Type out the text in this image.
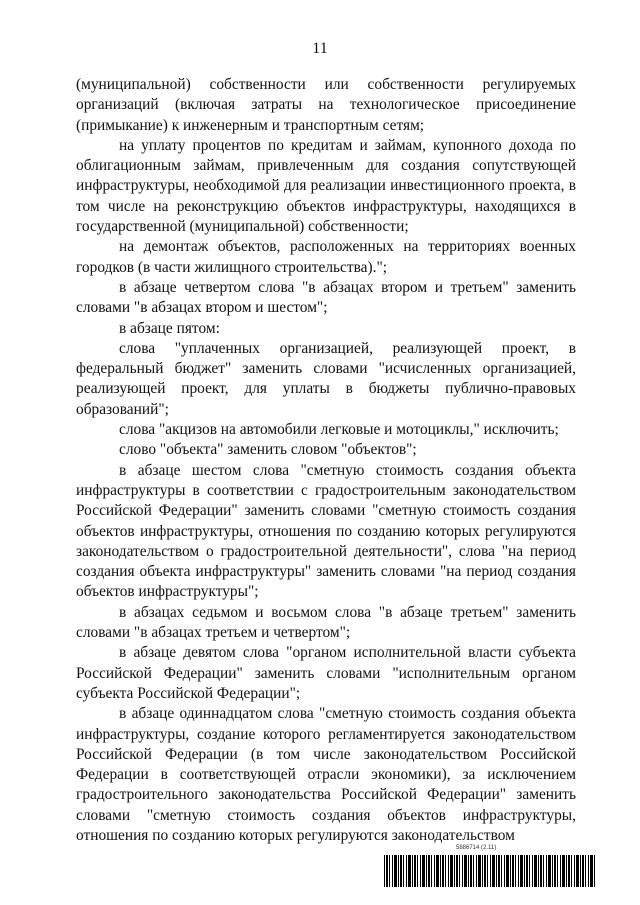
11

(муниципальной) собственности или собственности регулируемых организаций (включая затраты на технологическое присоединение (примыкание) к инженерным и транспортным сетям;

на уплату процентов по кредитам и займам, купонного дохода по облигационным займам, привлеченным для создания сопутствующей инфраструктуры, необходимой для реализации инвестиционного проекта, в том числе на реконструкцию объектов инфраструктуры, находящихся в государственной (муниципальной) собственности;

на демонтаж объектов, расположенных на территориях военных городков (в части жилищного строительства).";

в абзаце четвертом слова "в абзацах втором и третьем" заменить словами "в абзацах втором и шестом";

в абзаце пятом:

слова "уплаченных организацией, реализующей проект, в федеральный бюджет" заменить словами "исчисленных организацией, реализующей проект, для уплаты в бюджеты публично-правовых образований";

слова "акцизов на автомобили легковые и мотоциклы," исключить;

слово "объекта" заменить словом "объектов";

в абзаце шестом слова "сметную стоимость создания объекта инфраструктуры в соответствии с градостроительным законодательством Российской Федерации" заменить словами "сметную стоимость создания объектов инфраструктуры, отношения по созданию которых регулируются законодательством о градостроительной деятельности", слова "на период создания объекта инфраструктуры" заменить словами "на период создания объектов инфраструктуры";

в абзацах седьмом и восьмом слова "в абзаце третьем" заменить словами "в абзацах третьем и четвертом";

в абзаце девятом слова "органом исполнительной власти субъекта Российской Федерации" заменить словами "исполнительным органом субъекта Российской Федерации";

в абзаце одиннадцатом слова "сметную стоимость создания объекта инфраструктуры, создание которого регламентируется законодательством Российской Федерации (в том числе законодательством Российской Федерации в соответствующей отрасли экономики), за исключением градостроительного законодательства Российской Федерации" заменить словами "сметную стоимость создания объектов инфраструктуры, отношения по созданию которых регулируются законодательством

5886714 (2.11)
